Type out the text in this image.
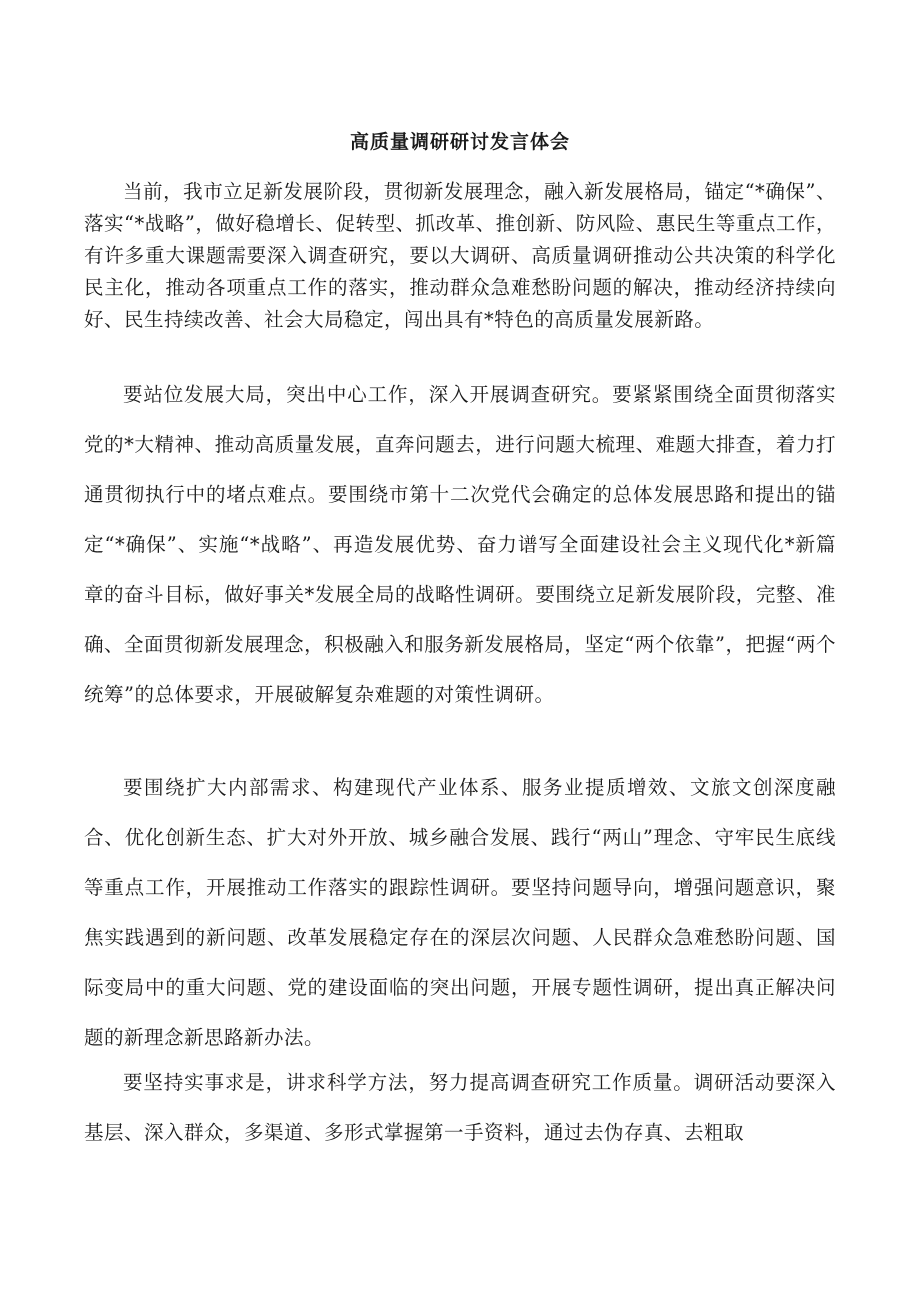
高质量调研研讨发言体会

当前，我市立足新发展阶段，贯彻新发展理念，融入新发展格局，锚定“*确保”、落实“*战略”，做好稳增长、促转型、抓改革、推创新、防风险、惠民生等重点工作，有许多重大课题需要深入调查研究，要以大调研、高质量调研推动公共决策的科学化民主化，推动各项重点工作的落实，推动群众急难愁盼问题的解决，推动经济持续向好、民生持续改善、社会大局稳定，闯出具有*特色的高质量发展新路。

要站位发展大局，突出中心工作，深入开展调查研究。要紧紧围绕全面贯彻落实党的*大精神、推动高质量发展，直奔问题去，进行问题大梳理、难题大排查，着力打通贯彻执行中的堵点难点。要围绕市第十二次党代会确定的总体发展思路和提出的锚定“*确保”、实施“*战略”、再造发展优势、奋力谱写全面建设社会主义现代化*新篇章的奋斗目标，做好事关*发展全局的战略性调研。要围绕立足新发展阶段，完整、准确、全面贯彻新发展理念，积极融入和服务新发展格局，坚定“两个依靠”，把握“两个统筹”的总体要求，开展破解复杂难题的对策性调研。

要围绕扩大内部需求、构建现代产业体系、服务业提质增效、文旅文创深度融合、优化创新生态、扩大对外开放、城乡融合发展、践行“两山”理念、守牢民生底线等重点工作，开展推动工作落实的跟踪性调研。要坚持问题导向，增强问题意识，聚焦实践遇到的新问题、改革发展稳定存在的深层次问题、人民群众急难愁盼问题、国际变局中的重大问题、党的建设面临的突出问题，开展专题性调研，提出真正解决问题的新理念新思路新办法。

要坚持实事求是，讲求科学方法，努力提高调查研究工作质量。调研活动要深入基层、深入群众，多渠道、多形式掌握第一手资料，通过去伪存真、去粗取
